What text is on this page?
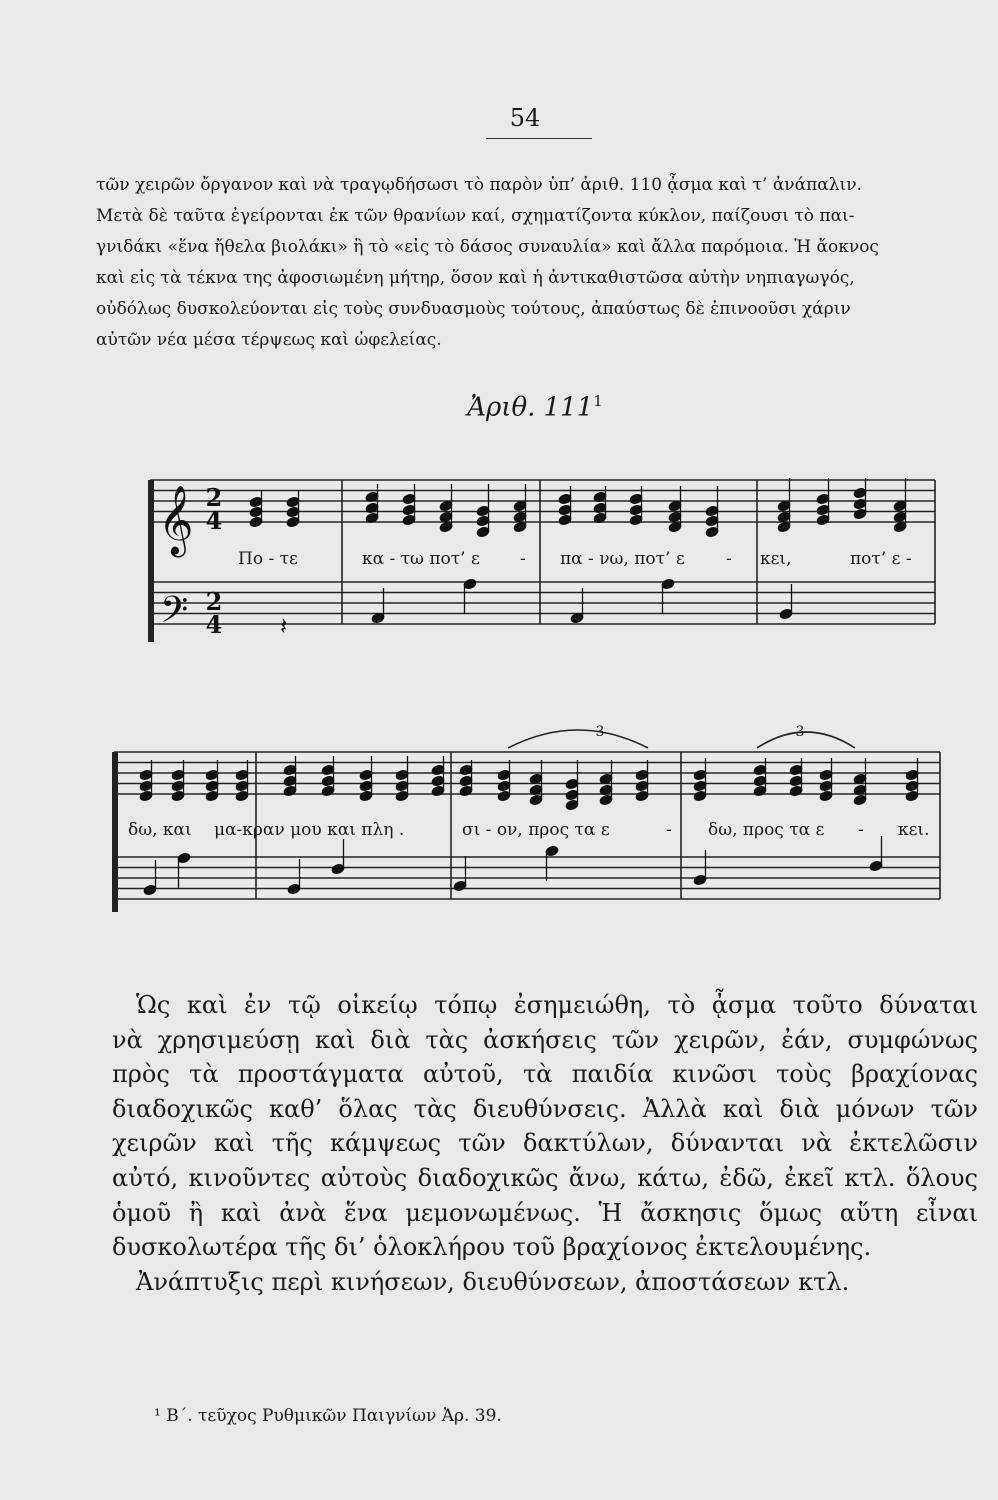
54
τῶν χειρῶν ὄργανον καὶ νὰ τραγῳδήσωσι τὸ παρὸν ὑπ’ ἀριθ. 110 ᾆσμα καὶ τ’ ἀνάπαλιν.
Μετὰ δὲ ταῦτα ἐγείρονται ἐκ τῶν θρανίων καί, σχηματίζοντα κύκλον, παίζουσι τὸ παι-
γνιδάκι «ἕνα ἤθελα βιολάκι» ἢ τὸ «εἰς τὸ δάσος συναυλία» καὶ ἄλλα παρόμοια. Ἡ ἄοκνος
καὶ εἰς τὰ τέκνα της ἀφοσιωμένη μήτηρ, ὅσον καὶ ἡ ἀντικαθιστῶσα αὐτὴν νηπιαγωγός,
οὐδόλως δυσκολεύονται εἰς τοὺς συνδυασμοὺς τούτους, ἀπαύστως δὲ ἐπινοοῦσι χάριν
αὐτῶν νέα μέσα τέρψεως καὶ ὠφελείας.
Ἀριθ. $111^1$
𝄞
𝄢
2
4
2
4 𝄽
3	3
Πο - τε	κα - τω ποτ’ ε - πα - νω, ποτ’ ε - κει,	ποτ’ ε -
δω, και μα-κραν μου και πλη .	σι - ον, προς τα ε	- δω, προς τα ε - κει.
Ὡς καὶ ἐν τῷ οἰκείῳ τόπῳ ἐσημειώθη, τὸ ᾆσμα τοῦτο δύναται
νὰ χρησιμεύσῃ καὶ διὰ τὰς ἀσκήσεις τῶν χειρῶν, ἐάν, συμφώνως
πρὸς τὰ προστάγματα αὐτοῦ, τὰ παιδία κινῶσι τοὺς βραχίονας
διαδοχικῶς καθ’ ὅλας τὰς διευθύνσεις. Ἀλλὰ καὶ διὰ μόνων τῶν
χειρῶν καὶ τῆς κάμψεως τῶν δακτύλων, δύνανται νὰ ἐκτελῶσιν
αὐτό, κινοῦντες αὐτοὺς διαδοχικῶς ἄνω, κάτω, ἐδῶ, ἐκεῖ κτλ. ὅλους
ὁμοῦ ἢ καὶ ἀνὰ ἕνα μεμονωμένως. Ἡ ἄσκησις ὅμως αὕτη εἶναι
δυσκολωτέρα τῆς δι’ ὁλοκλήρου τοῦ βραχίονος ἐκτελουμένης.
Ἀνάπτυξις περὶ κινήσεων, διευθύνσεων, ἀποστάσεων κτλ.
¹ Β΄. τεῦχος Ρυθμικῶν Παιγνίων Ἀρ. 39.
